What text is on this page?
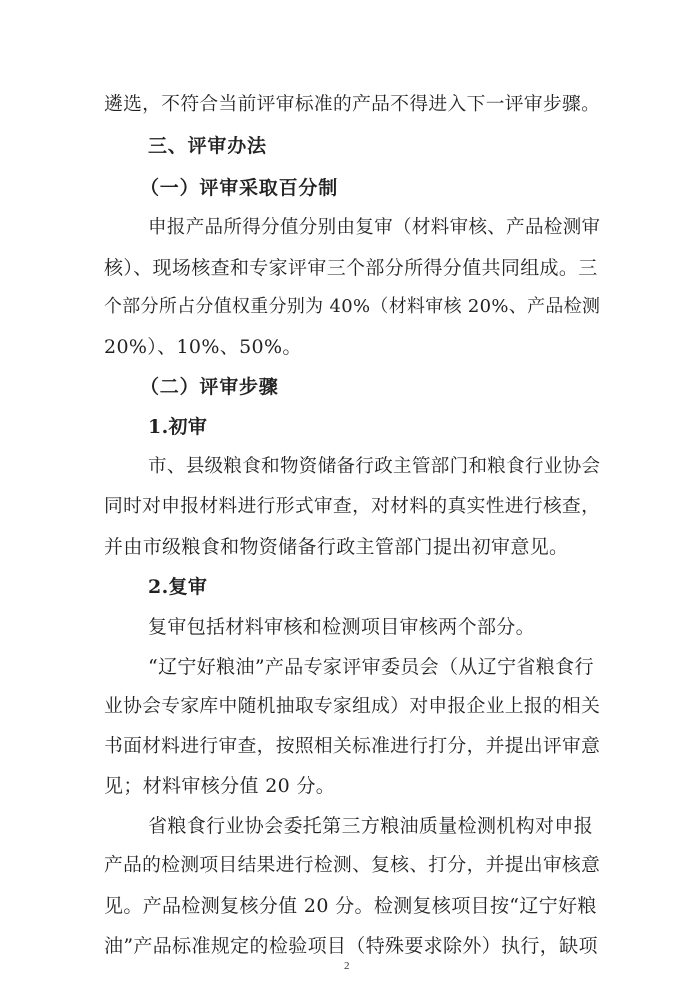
遴选，不符合当前评审标准的产品不得进入下一评审步骤。
三、评审办法
（一）评审采取百分制
申报产品所得分值分别由复审（材料审核、产品检测审
核）、现场核查和专家评审三个部分所得分值共同组成。三
个部分所占分值权重分别为 40%（材料审核 20%、产品检测
20%）、10%、50%。
（二）评审步骤
1.初审
市、县级粮食和物资储备行政主管部门和粮食行业协会
同时对申报材料进行形式审查，对材料的真实性进行核查，
并由市级粮食和物资储备行政主管部门提出初审意见。
2.复审
复审包括材料审核和检测项目审核两个部分。
“辽宁好粮油”产品专家评审委员会（从辽宁省粮食行
业协会专家库中随机抽取专家组成）对申报企业上报的相关
书面材料进行审查，按照相关标准进行打分，并提出评审意
见；材料审核分值 20 分。
省粮食行业协会委托第三方粮油质量检测机构对申报
产品的检测项目结果进行检测、复核、打分，并提出审核意
见。产品检测复核分值 20 分。检测复核项目按“辽宁好粮
油”产品标准规定的检验项目（特殊要求除外）执行，缺项
2
